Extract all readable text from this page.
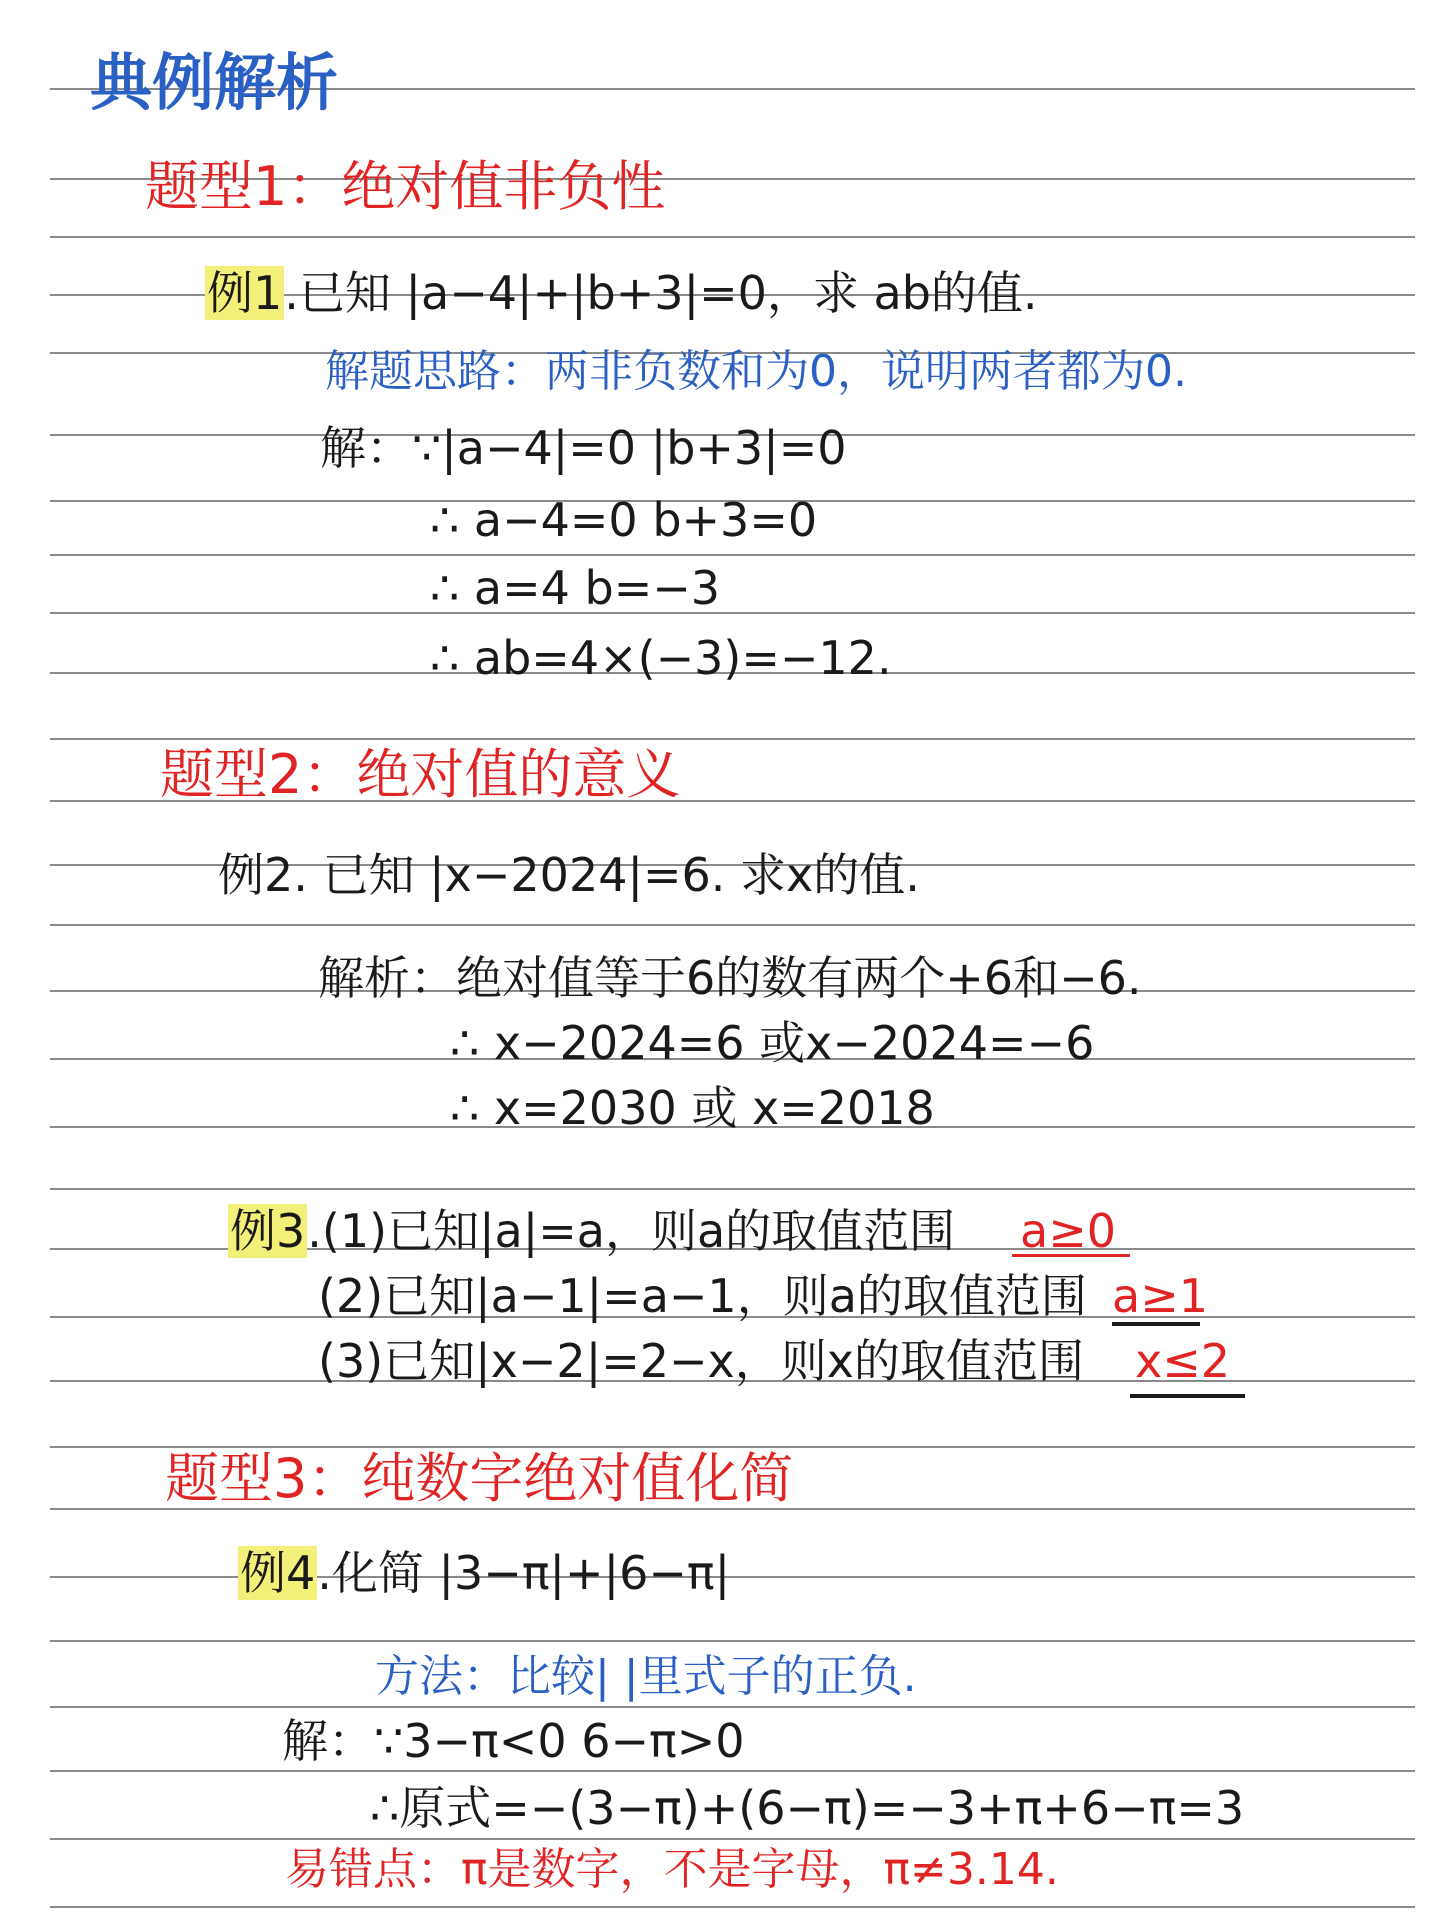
典例解析
题型1：绝对值非负性
例1.已知 |a−4|+|b+3|=0，求 ab的值.
解题思路：两非负数和为0，说明两者都为0.
解：∵|a−4|=0 |b+3|=0
∴ a−4=0 b+3=0
∴ a=4 b=−3
∴ ab=4×(−3)=−12.
题型2：绝对值的意义
例2. 已知 |x−2024|=6. 求x的值.
解析：绝对值等于6的数有两个+6和−6.
∴ x−2024=6 或x−2024=−6
∴ x=2030 或 x=2018
例3.(1)已知|a|=a，则a的取值范围 a≥0
(2)已知|a−1|=a−1，则a的取值范围 a≥1
(3)已知|x−2|=2−x，则x的取值范围 x≤2
题型3：纯数字绝对值化简
例4.化简 |3−π|+|6−π|
方法：比较| |里式子的正负.
解：∵3−π<0 6−π>0
∴原式=−(3−π)+(6−π)=−3+π+6−π=3
易错点：π是数字，不是字母，π≠3.14.
